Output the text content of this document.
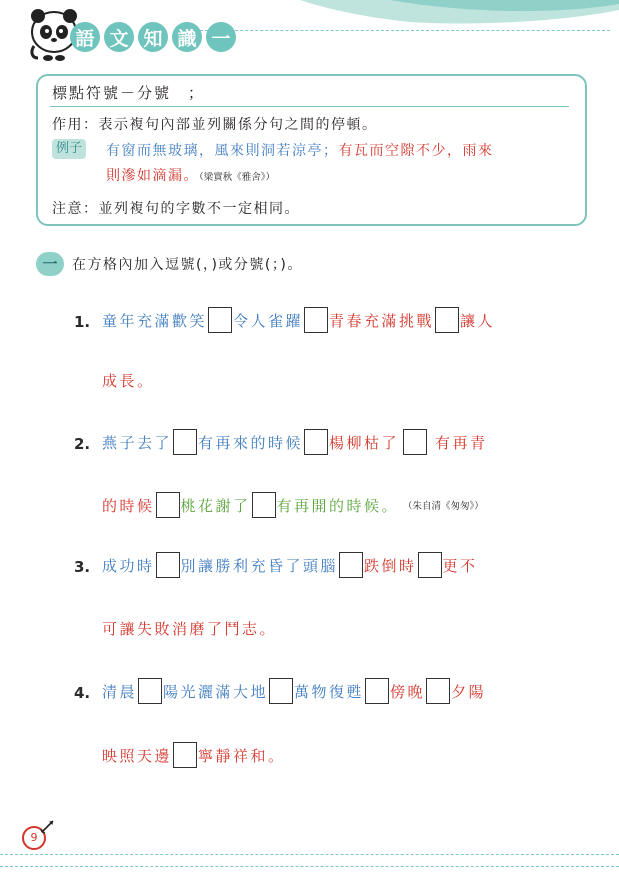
語 文 知 識 一
標點符號－分號　；
作用：表示複句內部並列關係分句之間的停頓。
例子 有窗而無玻璃，風來則洞若涼亭；有瓦而空隙不少，雨來
則滲如滴漏。（梁實秋《雅舍》）
注意：並列複句的字數不一定相同。
一	在方格內加入逗號(，)或分號(；)。
1. 童年充滿歡笑 令人雀躍 青春充滿挑戰 讓人
成長。
2. 燕子去了 有再來的時候 楊柳枯了 有再青
的時候 桃花謝了 有再開的時候。 （朱自清《匆匆》）
3. 成功時 別讓勝利充昏了頭腦 跌倒時 更不
可讓失敗消磨了鬥志。
4. 清晨 陽光灑滿大地 萬物復甦 傍晚 夕陽
映照天邊 寧靜祥和。
9
